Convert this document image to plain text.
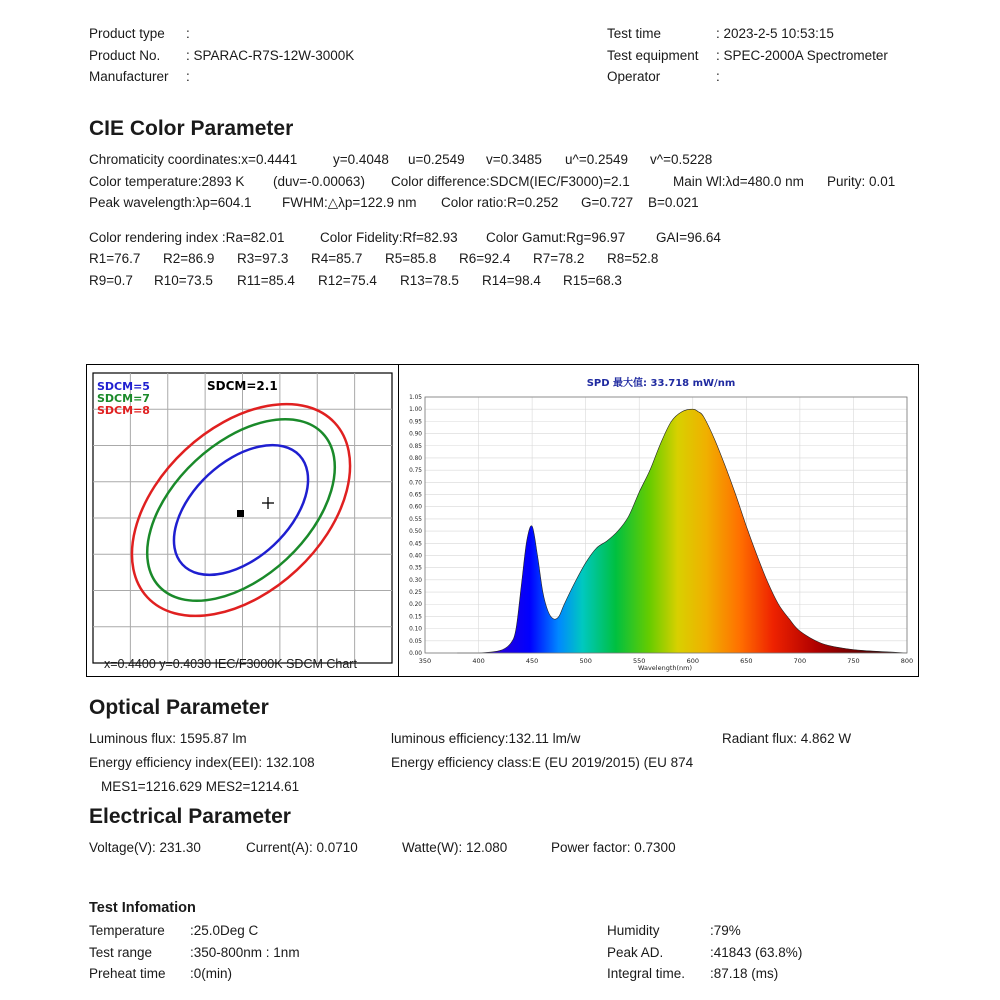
Product type :
Product No. : SPARAC-R7S-12W-3000K
Manufacturer :
Test time	: 2023-2-5 10:53:15
Test equipment : SPEC-2000A Spectrometer
Operator	:
CIE Color Parameter
Chromaticity coordinates:x=0.4441	y=0.4048 u=0.2549 v=0.3485 u^=0.2549 v^=0.5228
Color temperature:2893 K (duv=-0.00063) Color difference:SDCM(IEC/F3000)=2.1	Main Wl:λd=480.0 nm Purity: 0.01
Peak wavelength:λp=604.1 FWHM:△λp=122.9 nm Color ratio:R=0.252 G=0.727 B=0.021
Color rendering index :Ra=82.01	Color Fidelity:Rf=82.93 Color Gamut:Rg=96.97 GAI=96.64
R1=76.7 R2=86.9 R3=97.3 R4=85.7 R5=85.8 R6=92.4 R7=78.2 R8=52.8
R9=0.7 R10=73.5 R11=85.4 R12=75.4 R13=78.5 R14=98.4 R15=68.3
SDCM=5
SDCM=7
SDCM=8
SDCM=2.1
x=0.4400 y=0.4030 IEC/F3000K SDCM Chart
SPD 最大值: 33.718 mW/nm
0.00
0.05
0.10
0.15
0.20
0.25
0.30
0.35
0.40
0.45
0.50
0.55
0.60
0.65
0.70
0.75
0.80
0.85
0.90
0.95
1.00
1.05
350	400	450	500	550	600	650	700	750	800
Wavelength(nm)
Optical Parameter
Luminous flux: 1595.87 lm	luminous efficiency:132.11 lm/w	Radiant flux: 4.862 W
Energy efficiency index(EEI): 132.108	Energy efficiency class:E (EU 2019/2015) (EU 874
MES1=1216.629 MES2=1214.61
Electrical Parameter
Voltage(V): 231.30	Current(A): 0.0710	Watte(W): 12.080	Power factor: 0.7300
Test Infomation
Temperature :25.0Deg C
Test range	:350-800nm : 1nm
Preheat time :0(min)
Humidity	:79%
Peak AD.	:41843 (63.8%)
Integral time. :87.18 (ms)
